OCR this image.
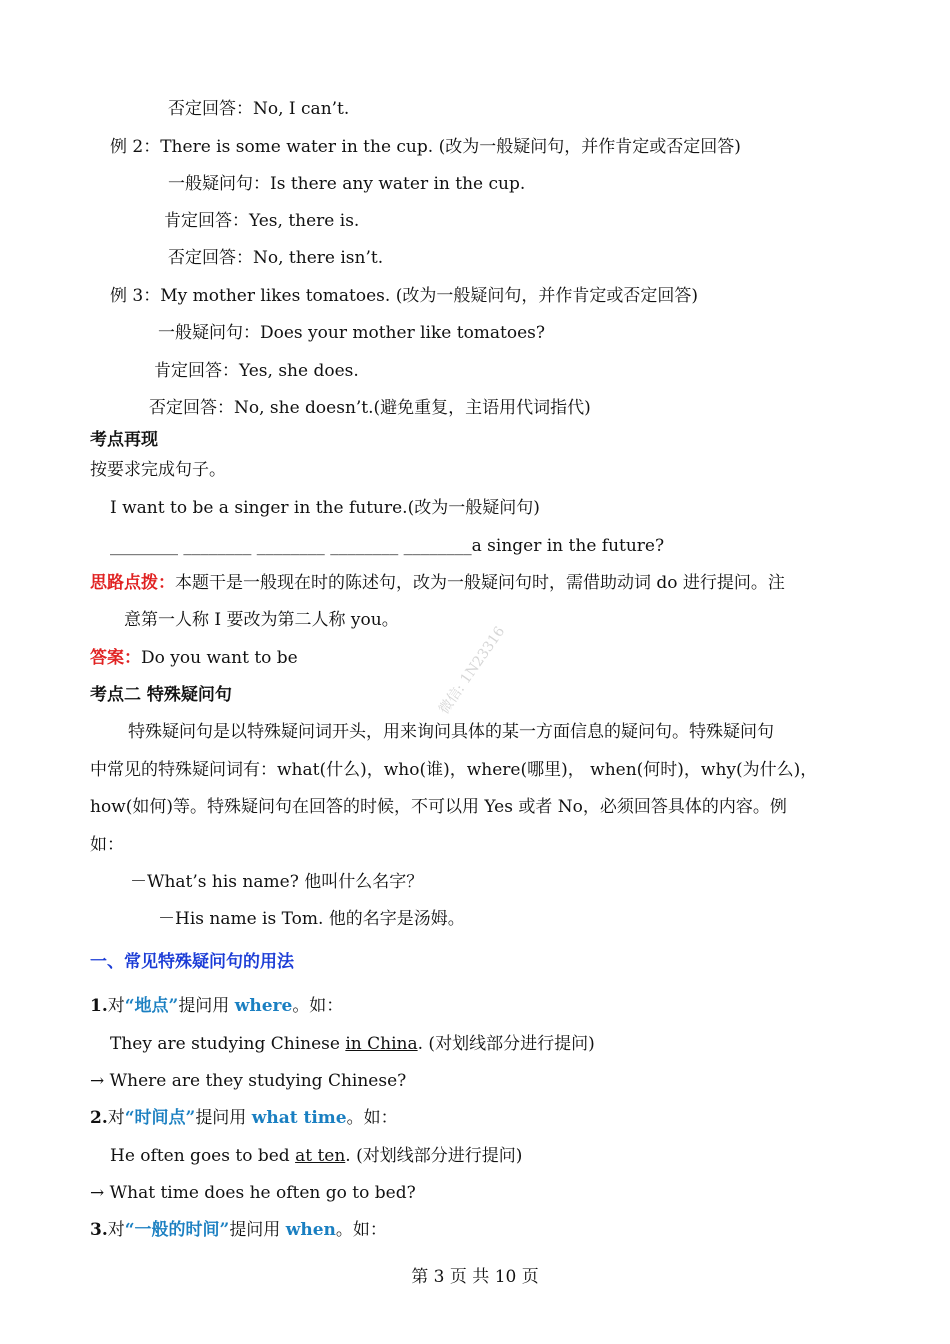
否定回答：No, I can’t.
例 2：There is some water in the cup. (改为一般疑问句，并作肯定或否定回答)
一般疑问句：Is there any water in the cup.
肯定回答：Yes, there is.
否定回答：No, there isn’t.
例 3：My mother likes tomatoes. (改为一般疑问句，并作肯定或否定回答)
一般疑问句：Does your mother like tomatoes?
肯定回答：Yes, she does.
否定回答：No, she doesn’t.(避免重复，主语用代词指代)
考点再现
按要求完成句子。
I want to be a singer in the future.(改为一般疑问句)
________ ________ ________ ________ ________a singer in the future?
思路点拨：本题干是一般现在时的陈述句，改为一般疑问句时，需借助动词 do 进行提问。注
意第一人称 I 要改为第二人称 you。
答案：Do you want to be
考点二 特殊疑问句
特殊疑问句是以特殊疑问词开头，用来询问具体的某一方面信息的疑问句。特殊疑问句
中常见的特殊疑问词有：what(什么)，who(谁)，where(哪里)， when(何时)，why(为什么)，
how(如何)等。特殊疑问句在回答的时候，不可以用 Yes 或者 No，必须回答具体的内容。例
如：
－What’s his name? 他叫什么名字？
－His name is Tom. 他的名字是汤姆。
一、常见特殊疑问句的用法
1.对“地点”提问用 where。如：
They are studying Chinese in China. (对划线部分进行提问)
→ Where are they studying Chinese?
2.对“时间点”提问用 what time。如：
He often goes to bed at ten. (对划线部分进行提问)
→ What time does he often go to bed?
3.对“一般的时间”提问用 when。如：
微信: 1N23316
第 3 页 共 10 页
